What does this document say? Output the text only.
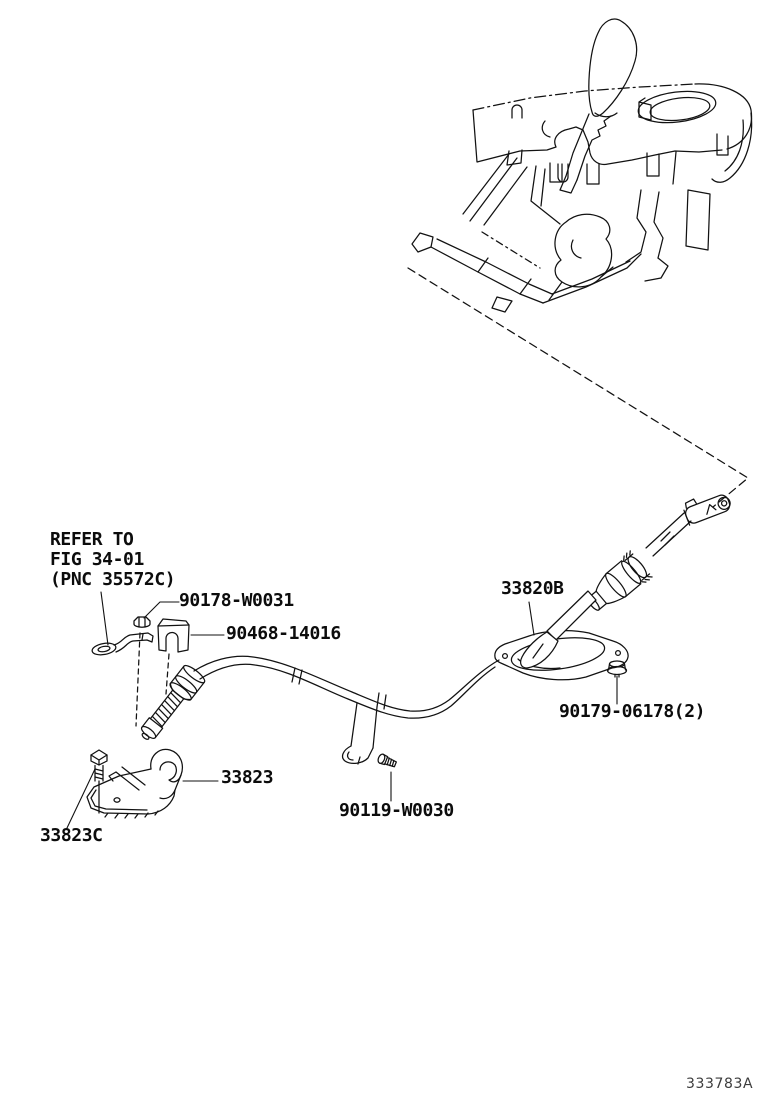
REFER TO
FIG 34-01
(PNC 35572C)
90178-W0031
90468-14016
33820B
90179-06178(2)
90119-W0030
33823
33823C
333783A
